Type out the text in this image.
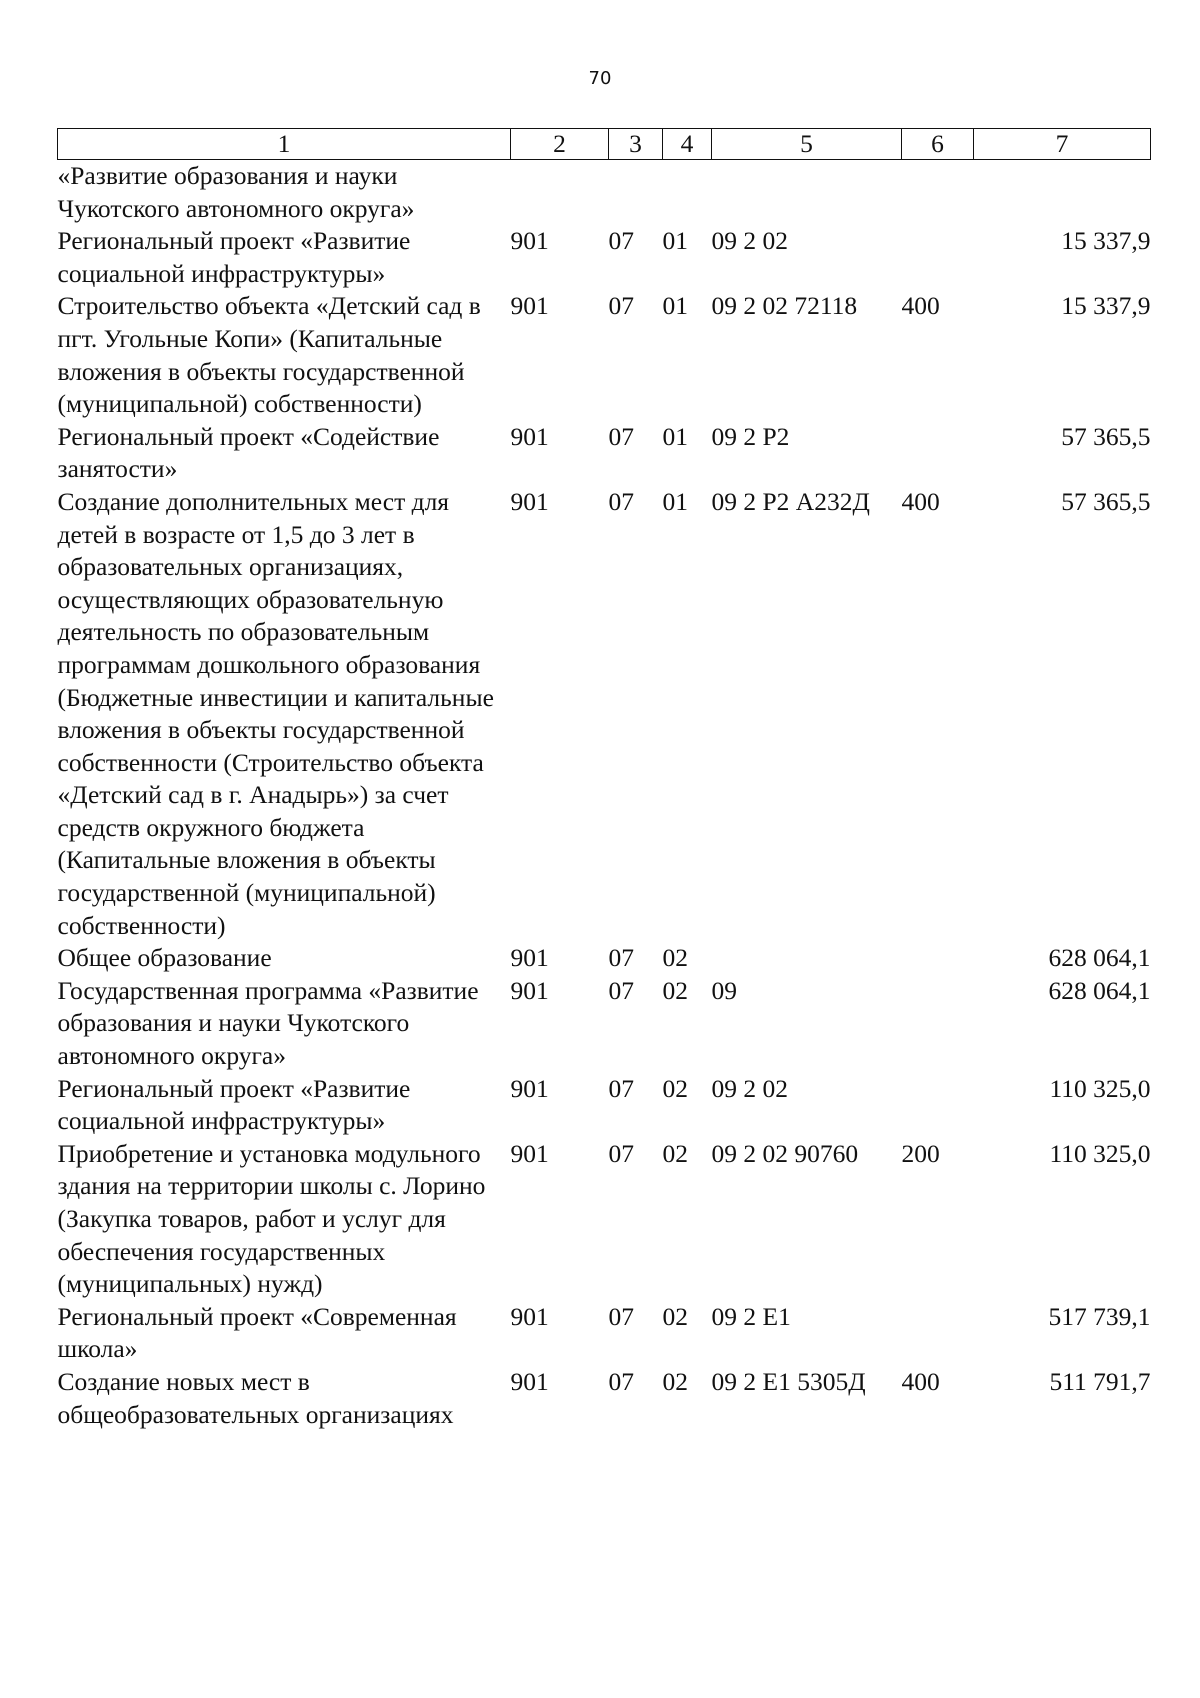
70
1	2	3	4	5	6	7
«Развитие образования и науки Чукотского автономного округа»						
Региональный проект «Развитие социальной инфраструктуры»	901	07	01	09 2 02		15 337,9
Строительство объекта «Детский сад в пгт. Угольные Копи» (Капитальные вложения в объекты государственной (муниципальной) собственности)	901	07	01	09 2 02 72118	400	15 337,9
Региональный проект «Содействие занятости»	901	07	01	09 2 Р2		57 365,5
Создание дополнительных мест для детей в возрасте от 1,5 до 3 лет в образовательных организациях, осуществляющих образовательную деятельность по образовательным программам дошкольного образования (Бюджетные инвестиции и капитальные вложения в объекты государственной собственности (Строительство объекта «Детский сад в г. Анадырь») за счет средств окружного бюджета (Капитальные вложения в объекты государственной (муниципальной) собственности)	901	07	01	09 2 Р2 А232Д	400	57 365,5
Общее образование	901	07	02			628 064,1
Государственная программа «Развитие образования и науки Чукотского автономного округа»	901	07	02	09		628 064,1
Региональный проект «Развитие социальной инфраструктуры»	901	07	02	09 2 02		110 325,0
Приобретение и установка модульного здания на территории школы с. Лорино (Закупка товаров, работ и услуг для обеспечения государственных (муниципальных) нужд)	901	07	02	09 2 02 90760	200	110 325,0
Региональный проект «Современная школа»	901	07	02	09 2 Е1		517 739,1
Создание новых мест в общеобразовательных организациях	901	07	02	09 2 Е1 5305Д	400	511 791,7
